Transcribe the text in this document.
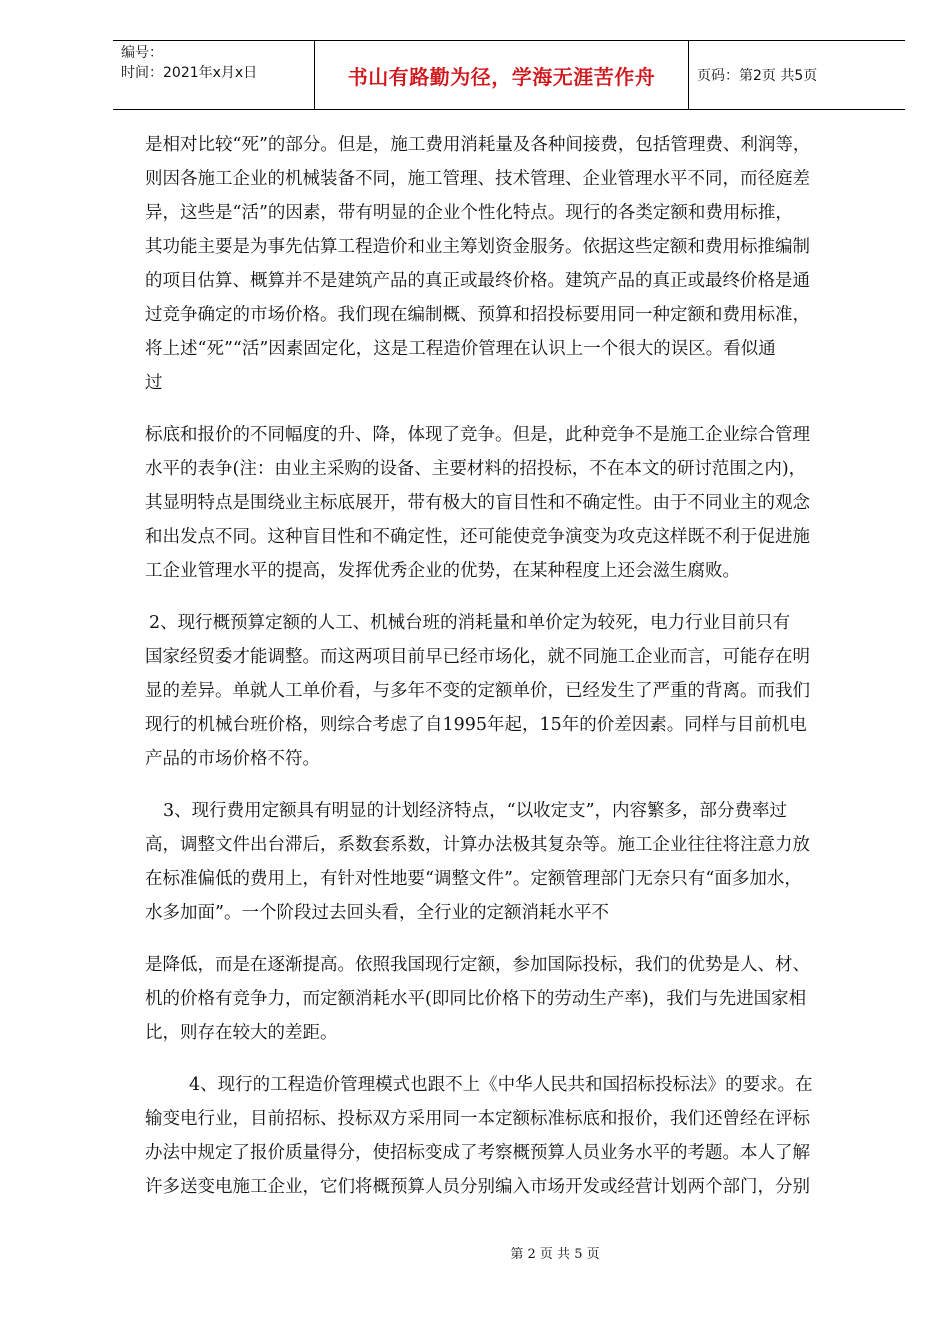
编号：
时间：2021年x月x日	书山有路勤为径，学海无涯苦作舟	页码：第2页 共5页
是相对比较“死”的部分。但是，施工费用消耗量及各种间接费，包括管理费、利润等，
则因各施工企业的机械装备不同，施工管理、技术管理、企业管理水平不同，而径庭差
异，这些是“活”的因素，带有明显的企业个性化特点。现行的各类定额和费用标推，
其功能主要是为事先估算工程造价和业主筹划资金服务。依据这些定额和费用标推编制
的项目估算、概算并不是建筑产品的真正或最终价格。建筑产品的真正或最终价格是通
过竞争确定的市场价格。我们现在编制概、预算和招投标要用同一种定额和费用标准，
将上述“死”“活”因素固定化，这是工程造价管理在认识上一个很大的误区。看似通
过
标底和报价的不同幅度的升、降，体现了竞争。但是，此种竞争不是施工企业综合管理
水平的表争(注：由业主采购的设备、主要材料的招投标，不在本文的研讨范围之内)，
其显明特点是围绕业主标底展开，带有极大的盲目性和不确定性。由于不同业主的观念
和出发点不同。这种盲目性和不确定性，还可能使竞争演变为攻克这样既不利于促进施
工企业管理水平的提高，发挥优秀企业的优势，在某种程度上还会滋生腐败。
2、现行概预算定额的人工、机械台班的消耗量和单价定为较死，电力行业目前只有
国家经贸委才能调整。而这两项目前早已经市场化，就不同施工企业而言，可能存在明
显的差异。单就人工单价看，与多年不变的定额单价，已经发生了严重的背离。而我们
现行的机械台班价格，则综合考虑了自1995年起，15年的价差因素。同样与目前机电
产品的市场价格不符。
3、现行费用定额具有明显的计划经济特点，“以收定支”，内容繁多，部分费率过
高，调整文件出台滞后，系数套系数，计算办法极其复杂等。施工企业往往将注意力放
在标准偏低的费用上，有针对性地要“调整文件”。定额管理部门无奈只有“面多加水，
水多加面”。一个阶段过去回头看，全行业的定额消耗水平不
是降低，而是在逐渐提高。依照我国现行定额，参加国际投标，我们的优势是人、材、
机的价格有竞争力，而定额消耗水平(即同比价格下的劳动生产率)，我们与先进国家相
比，则存在较大的差距。
4、现行的工程造价管理模式也跟不上《中华人民共和国招标投标法》的要求。在
输变电行业，目前招标、投标双方采用同一本定额标准标底和报价，我们还曾经在评标
办法中规定了报价质量得分，使招标变成了考察概预算人员业务水平的考题。本人了解
许多送变电施工企业，它们将概预算人员分别编入市场开发或经营计划两个部门，分别
第 2 页 共 5 页
